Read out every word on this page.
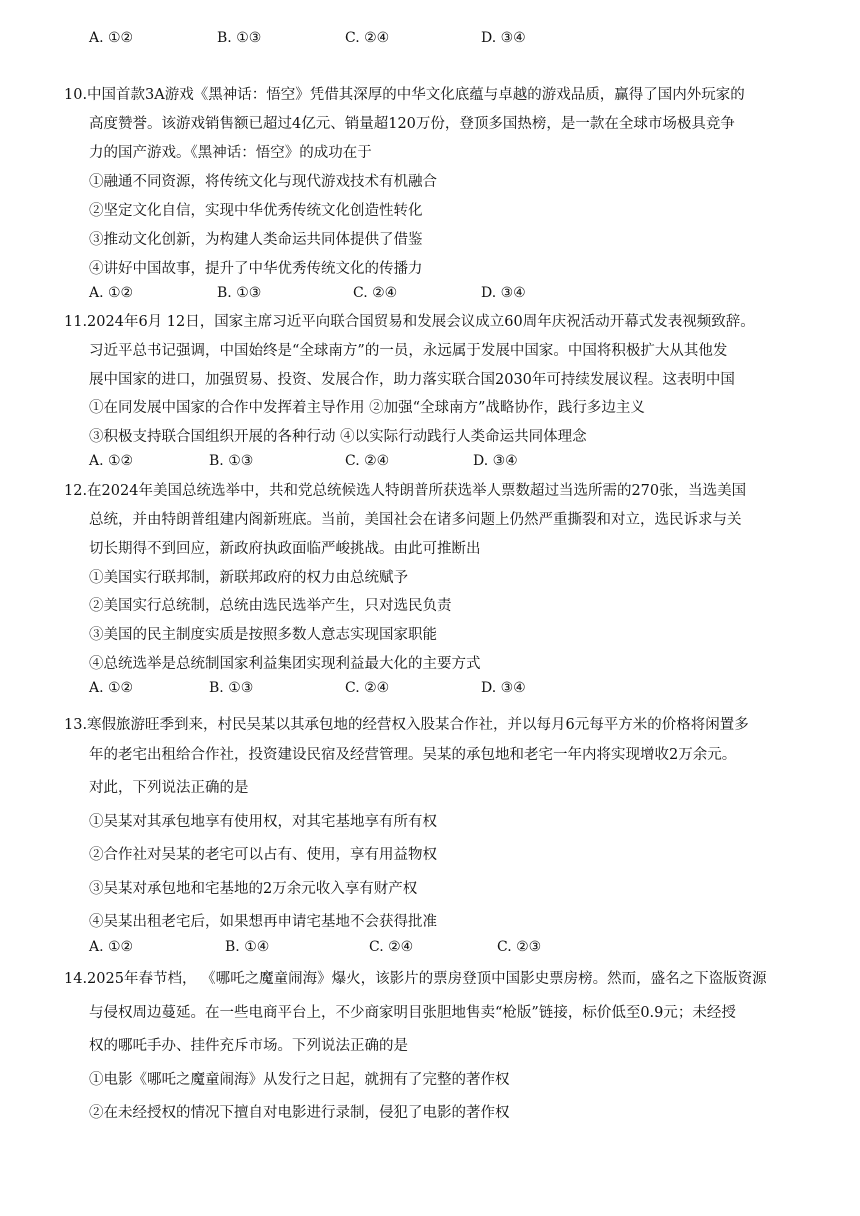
A. ①②	B. ①③	C. ②④	D. ③④
10.中国首款3A游戏《黑神话：悟空》凭借其深厚的中华文化底蕴与卓越的游戏品质，赢得了国内外玩家的
高度赞誉。该游戏销售额已超过4亿元、销量超120万份，登顶多国热榜，是一款在全球市场极具竞争
力的国产游戏。《黑神话：悟空》的成功在于
①融通不同资源，将传统文化与现代游戏技术有机融合
②坚定文化自信，实现中华优秀传统文化创造性转化
③推动文化创新，为构建人类命运共同体提供了借鉴
④讲好中国故事，提升了中华优秀传统文化的传播力
A. ①②	B. ①③	C. ②④	D. ③④
11.2024年6月 12日，国家主席习近平向联合国贸易和发展会议成立60周年庆祝活动开幕式发表视频致辞。
习近平总书记强调，中国始终是“全球南方”的一员，永远属于发展中国家。中国将积极扩大从其他发
展中国家的进口，加强贸易、投资、发展合作，助力落实联合国2030年可持续发展议程。这表明中国
①在同发展中国家的合作中发挥着主导作用 ②加强“全球南方”战略协作，践行多边主义
③积极支持联合国组织开展的各种行动 ④以实际行动践行人类命运共同体理念
A. ①②	B. ①③	C. ②④	D. ③④
12.在2024年美国总统选举中，共和党总统候选人特朗普所获选举人票数超过当选所需的270张，当选美国
总统，并由特朗普组建内阁新班底。当前，美国社会在诸多问题上仍然严重撕裂和对立，选民诉求与关
切长期得不到回应，新政府执政面临严峻挑战。由此可推断出
①美国实行联邦制，新联邦政府的权力由总统赋予
②美国实行总统制，总统由选民选举产生，只对选民负责
③美国的民主制度实质是按照多数人意志实现国家职能
④总统选举是总统制国家利益集团实现利益最大化的主要方式
A. ①②	B. ①③	C. ②④	D. ③④
13.寒假旅游旺季到来，村民吴某以其承包地的经营权入股某合作社，并以每月6元每平方米的价格将闲置多
年的老宅出租给合作社，投资建设民宿及经营管理。吴某的承包地和老宅一年内将实现增收2万余元。
对此，下列说法正确的是
①吴某对其承包地享有使用权，对其宅基地享有所有权
②合作社对吴某的老宅可以占有、使用，享有用益物权
③吴某对承包地和宅基地的2万余元收入享有财产权
④吴某出租老宅后，如果想再申请宅基地不会获得批准
A. ①②	B. ①④	C. ②④	C. ②③
14.2025年春节档， 《哪吒之魔童闹海》爆火，该影片的票房登顶中国影史票房榜。然而，盛名之下盗版资源
与侵权周边蔓延。在一些电商平台上，不少商家明目张胆地售卖“枪版”链接，标价低至0.9元；未经授
权的哪吒手办、挂件充斥市场。下列说法正确的是
①电影《哪吒之魔童闹海》从发行之日起，就拥有了完整的著作权
②在未经授权的情况下擅自对电影进行录制，侵犯了电影的著作权
